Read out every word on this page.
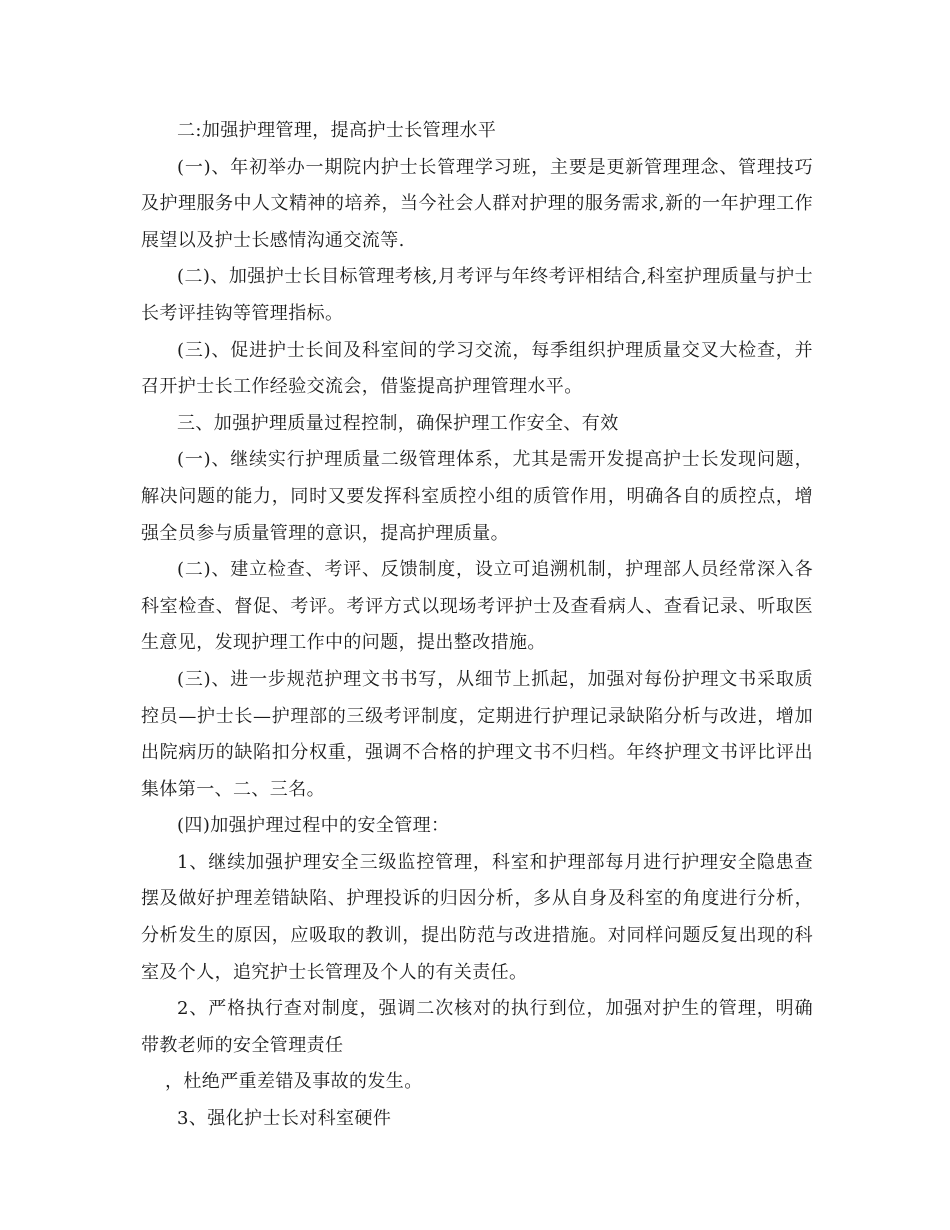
二:加强护理管理，提高护士长管理水平

(一)、年初举办一期院内护士长管理学习班，主要是更新管理理念、管理技巧及护理服务中人文精神的培养，当今社会人群对护理的服务需求,新的一年护理工作展望以及护士长感情沟通交流等.

(二)、加强护士长目标管理考核,月考评与年终考评相结合,科室护理质量与护士长考评挂钩等管理指标。

(三)、促进护士长间及科室间的学习交流，每季组织护理质量交叉大检查，并召开护士长工作经验交流会，借鉴提高护理管理水平。

三、加强护理质量过程控制，确保护理工作安全、有效

(一)、继续实行护理质量二级管理体系，尤其是需开发提高护士长发现问题，解决问题的能力，同时又要发挥科室质控小组的质管作用，明确各自的质控点，增强全员参与质量管理的意识，提高护理质量。

(二)、建立检查、考评、反馈制度，设立可追溯机制，护理部人员经常深入各科室检查、督促、考评。考评方式以现场考评护士及查看病人、查看记录、听取医生意见，发现护理工作中的问题，提出整改措施。

(三)、进一步规范护理文书书写，从细节上抓起，加强对每份护理文书采取质控员—护士长—护理部的三级考评制度，定期进行护理记录缺陷分析与改进，增加出院病历的缺陷扣分权重，强调不合格的护理文书不归档。年终护理文书评比评出集体第一、二、三名。

(四)加强护理过程中的安全管理：

1、继续加强护理安全三级监控管理，科室和护理部每月进行护理安全隐患查摆及做好护理差错缺陷、护理投诉的归因分析，多从自身及科室的角度进行分析，分析发生的原因，应吸取的教训，提出防范与改进措施。对同样问题反复出现的科室及个人，追究护士长管理及个人的有关责任。

2、严格执行查对制度，强调二次核对的执行到位，加强对护生的管理，明确带教老师的安全管理责任

，杜绝严重差错及事故的发生。

3、强化护士长对科室硬件
